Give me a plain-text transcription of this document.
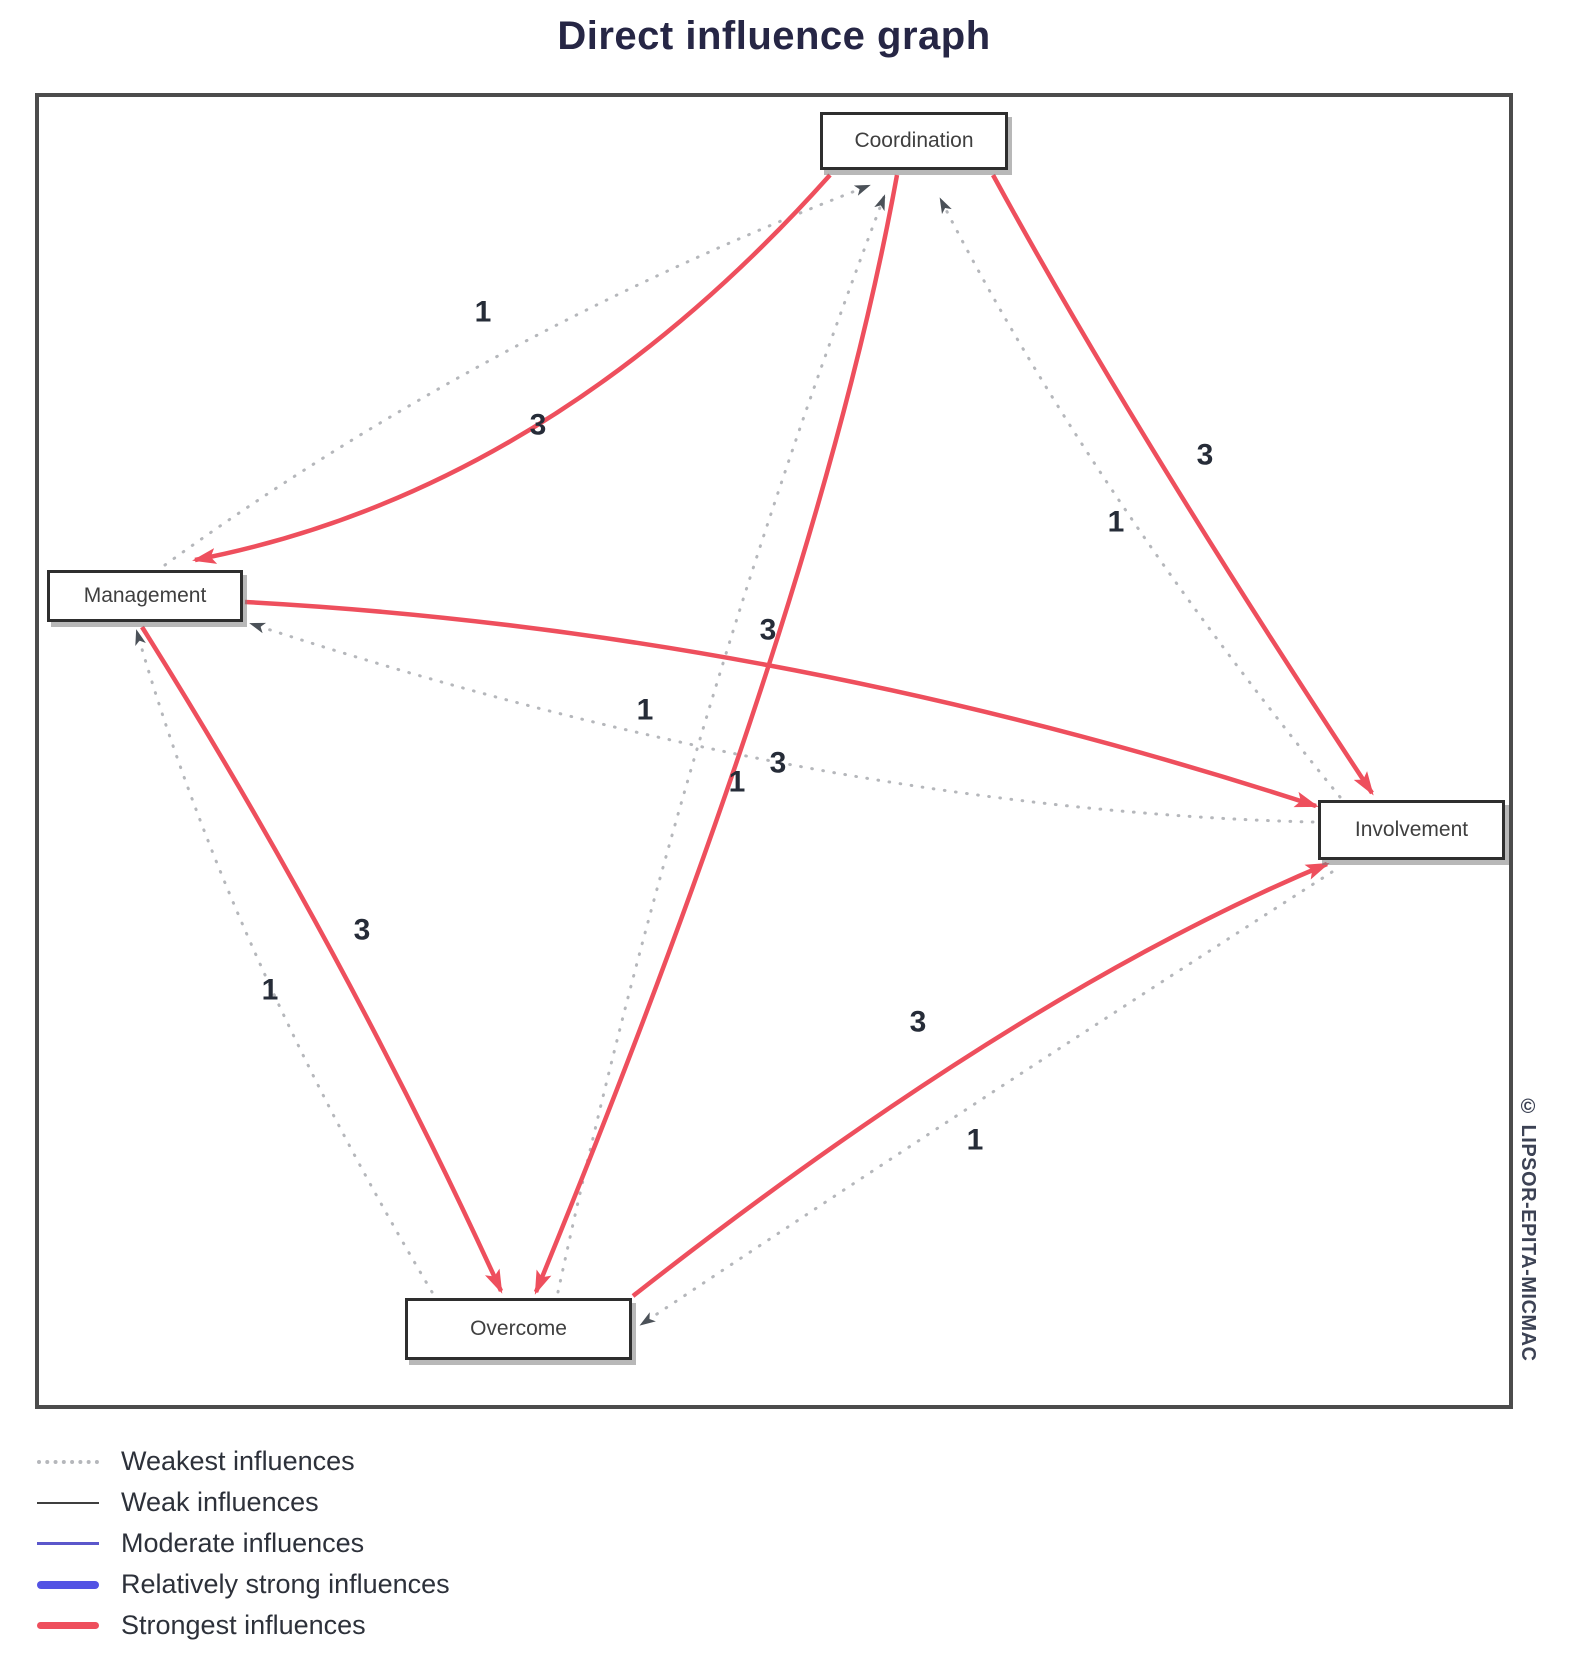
Direct influence graph
3
1
3
1
3
1
3
1
3
1
3
1
Coordination
Management
Involvement
Overcome	© LIPSOR-EPITA-MICMAC
Weakest influences
Weak influences
Moderate influences
Relatively strong influences
Strongest influences
